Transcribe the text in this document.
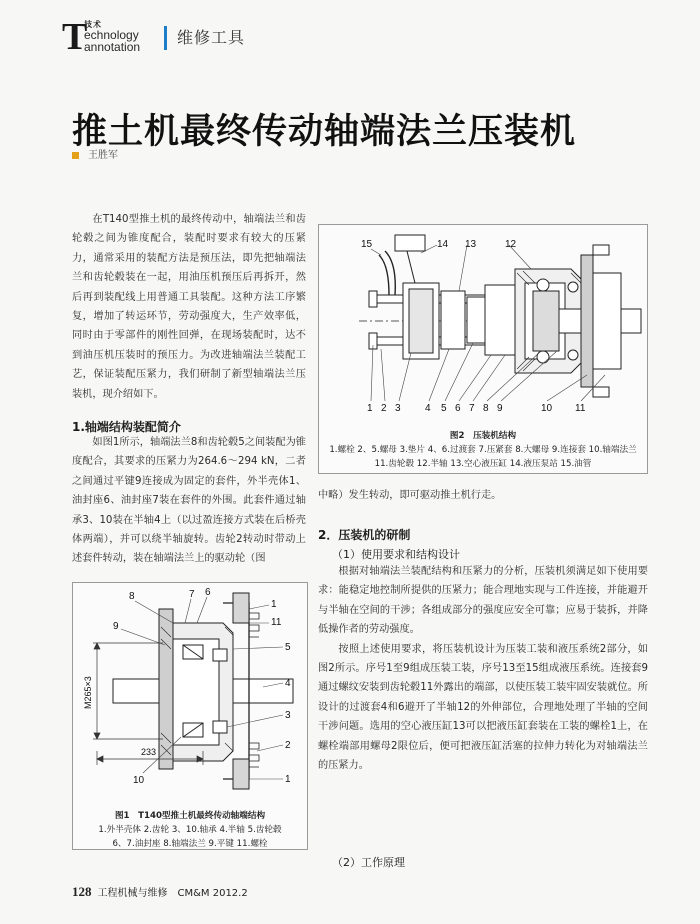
T
技术
echnology
annotation 维修工具
推土机最终传动轴端法兰压装机
王胜军

在T140型推土机的最终传动中，轴端法兰和齿轮毂之间为锥度配合，装配时要求有较大的压紧力，通常采用的装配方法是预压法，即先把轴端法兰和齿轮毂装在一起，用油压机预压后再拆开，然后再到装配线上用普通工具装配。这种方法工序繁复，增加了转运环节，劳动强度大，生产效率低，同时由于零部件的刚性回弹，在现场装配时，达不到油压机压装时的预压力。为改进轴端法兰装配工艺，保证装配压紧力，我们研制了新型轴端法兰压装机，现介绍如下。

1.轴端结构装配简介

如图1所示，轴端法兰8和齿轮毂5之间装配为锥度配合，其要求的压紧力为264.6～294 kN，二者之间通过平键9连接成为固定的套件，外半壳体1、油封座6、油封座7装在套件的外围。此套件通过轴承3、10装在半轴4上（以过盈连接方式装在后桥壳体两端），并可以绕半轴旋转。齿轮2转动时带动上述套件转动，装在轴端法兰上的驱动轮（图

15	14 13	12
1 2 3 4 5 6 7 8 9	10 11
图2　压装机结构
1.螺栓 2、5.螺母 3.垫片 4、6.过渡套 7.压紧套 8.大螺母 9.连接套 10.轴端法兰
11.齿轮毂 12.半轴 13.空心液压缸 14.液压泵站 15.油管
中略）发生转动，即可驱动推土机行走。
8	7 6
1
9	11
5
4
3
2
1
10
M265×3
233
图1　T140型推土机最终传动轴端结构
1.外半壳体 2.齿轮 3、10.轴承 4.半轴 5.齿轮毂
6、7.油封座 8.轴端法兰 9.平键 11.螺栓
2．压装机的研制
（1）使用要求和结构设计

根据对轴端法兰装配结构和压紧力的分析，压装机须满足如下使用要求：能稳定地控制所提供的压紧力；能合理地实现与工件连接，并能避开与半轴在空间的干涉；各组成部分的强度应安全可靠；应易于装拆，并降低操作者的劳动强度。

按照上述使用要求，将压装机设计为压装工装和液压系统2部分，如图2所示。序号1至9组成压装工装，序号13至15组成液压系统。连接套9通过螺纹安装到齿轮毂11外露出的端部，以使压装工装牢固安装就位。所设计的过渡套4和6避开了半轴12的外伸部位，合理地处理了半轴的空间干涉问题。选用的空心液压缸13可以把液压缸套装在工装的螺栓1上，在螺栓端部用螺母2限位后，便可把液压缸活塞的拉伸力转化为对轴端法兰的压紧力。

（2）工作原理
128 工程机械与维修　CM&M 2012.2
